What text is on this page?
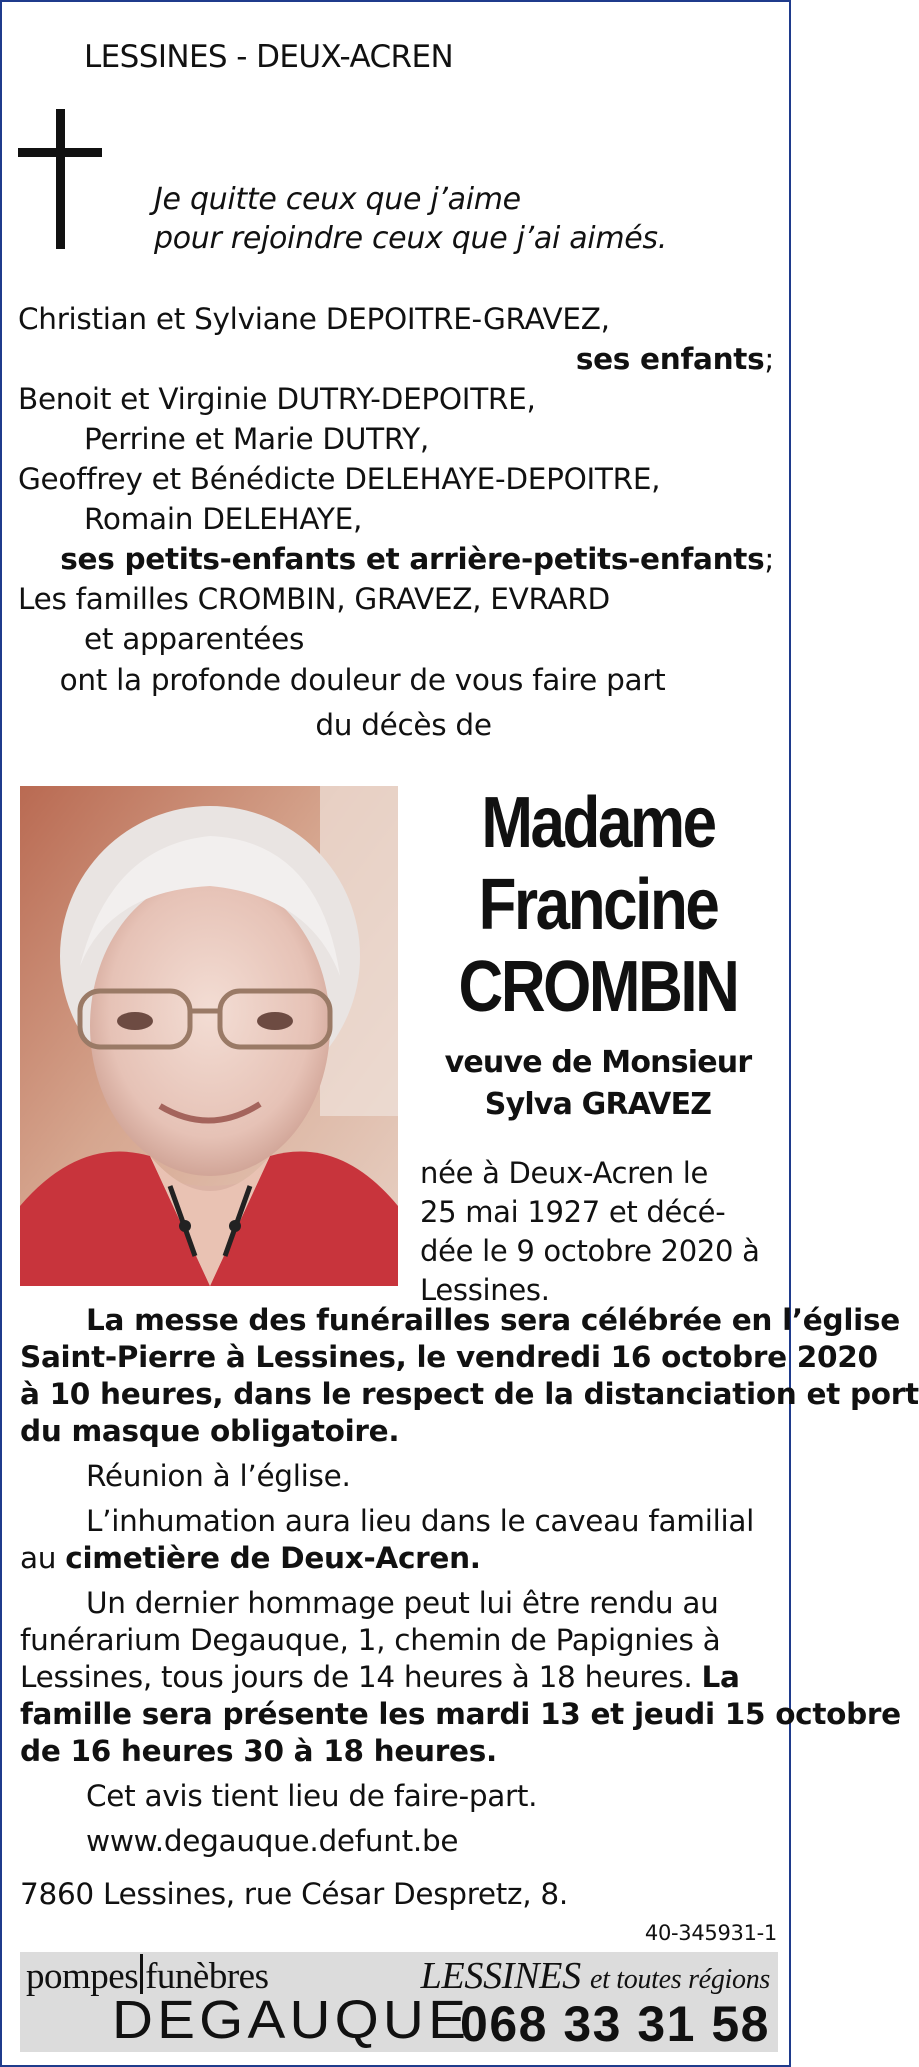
LESSINES - DEUX-ACREN
Je quitte ceux que j’aime
pour rejoindre ceux que j’ai aimés.
Christian et Sylviane DEPOITRE-GRAVEZ,
ses enfants;
Benoit et Virginie DUTRY-DEPOITRE,
Perrine et Marie DUTRY,
Geoffrey et Bénédicte DELEHAYE-DEPOITRE,
Romain DELEHAYE,
ses petits-enfants et arrière-petits-enfants;
Les familles CROMBIN, GRAVEZ, EVRARD
et apparentées
ont la profonde douleur de vous faire part
du décès de
Madame
Francine
CROMBIN
veuve de Monsieur
Sylva GRAVEZ
née à Deux-Acren le
25 mai 1927 et décé-
dée le 9 octobre 2020 à
Lessines.
La messe des funérailles sera célébrée en l’église
Saint-Pierre à Lessines, le vendredi 16 octobre 2020
à 10 heures, dans le respect de la distanciation et port
du masque obligatoire.
Réunion à l’église.
L’inhumation aura lieu dans le caveau familial
au cimetière de Deux-Acren.
Un dernier hommage peut lui être rendu au
funérarium Degauque, 1, chemin de Papignies à
Lessines, tous jours de 14 heures à 18 heures. La
famille sera présente les mardi 13 et jeudi 15 octobre
de 16 heures 30 à 18 heures.
Cet avis tient lieu de faire-part.
www.degauque.defunt.be
7860 Lessines, rue César Despretz, 8.
40-345931-1
pompes funèbres
DEGAUQUE
LESSINES et toutes régions
068 33 31 58
